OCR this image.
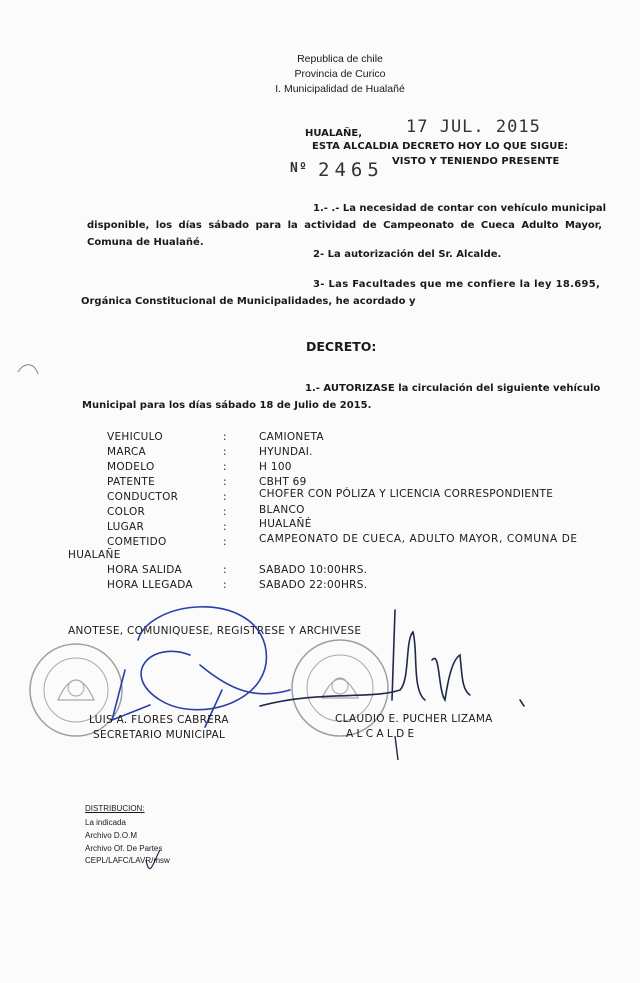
Republica de chile
Provincia de Curico
I. Municipalidad de Hualañé
HUALAÑE,	17 JUL. 2015
ESTA ALCALDIA DECRETO HOY LO QUE SIGUE:
Nº 2465 VISTO Y TENIENDO PRESENTE
1.- .- La necesidad de contar con vehículo municipal
disponible, los días sábado para la actividad de Campeonato de Cueca Adulto Mayor, Comuna de Hualañé.
2- La autorización del Sr. Alcalde.
3- Las Facultades que me confiere la ley 18.695,
Orgánica Constitucional de Municipalidades, he acordado y
DECRETO:
1.- AUTORIZASE la circulación del siguiente vehículo
Municipal para los días sábado 18 de Julio de 2015.
VEHICULO	:	CAMIONETA
MARCA	:	HYUNDAI.
MODELO	:	H 100
PATENTE	:	CBHT 69
CONDUCTOR	:	CHOFER CON PÓLIZA Y LICENCIA CORRESPONDIENTE
COLOR	:	BLANCO
LUGAR	:	HUALAÑÉ
COMETIDO	:	CAMPEONATO DE CUECA, ADULTO MAYOR, COMUNA DE
HUALAÑE
HORA SALIDA	:	SABADO 10:00HRS.
HORA LLEGADA	:	SABADO 22:00HRS.
ANOTESE, COMUNIQUESE, REGISTRESE Y ARCHIVESE
LUIS A. FLORES CABRERA
SECRETARIO MUNICIPAL
CLAUDIO E. PUCHER LIZAMA
A L C A L D E
DISTRIBUCION:
La indicada
Archivo D.O.M
Archivo Of. De Partes
CEPL/LAFC/LAVR/msw
